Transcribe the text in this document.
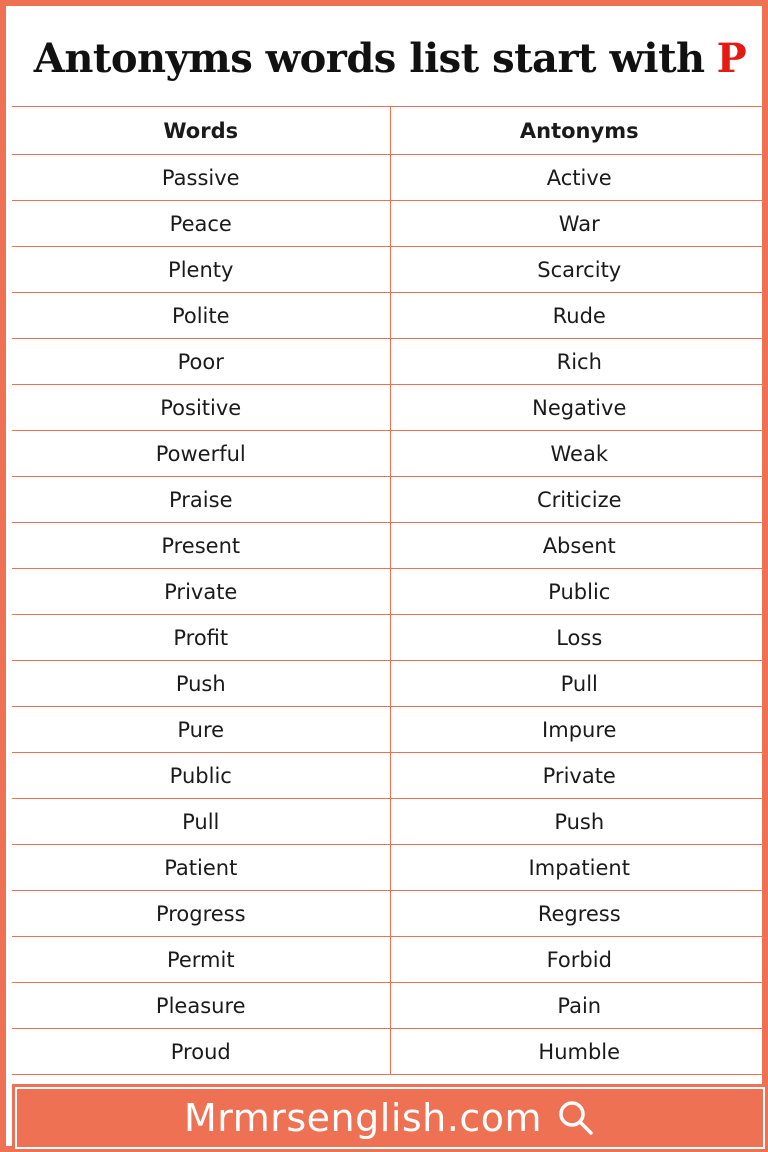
Antonyms words list start with P
Words	Antonyms
Passive	Active
Peace	War
Plenty	Scarcity
Polite	Rude
Poor	Rich
Positive	Negative
Powerful	Weak
Praise	Criticize
Present	Absent
Private	Public
Profit	Loss
Push	Pull
Pure	Impure
Public	Private
Pull	Push
Patient	Impatient
Progress	Regress
Permit	Forbid
Pleasure	Pain
Proud	Humble
Mrmrsenglish.com
